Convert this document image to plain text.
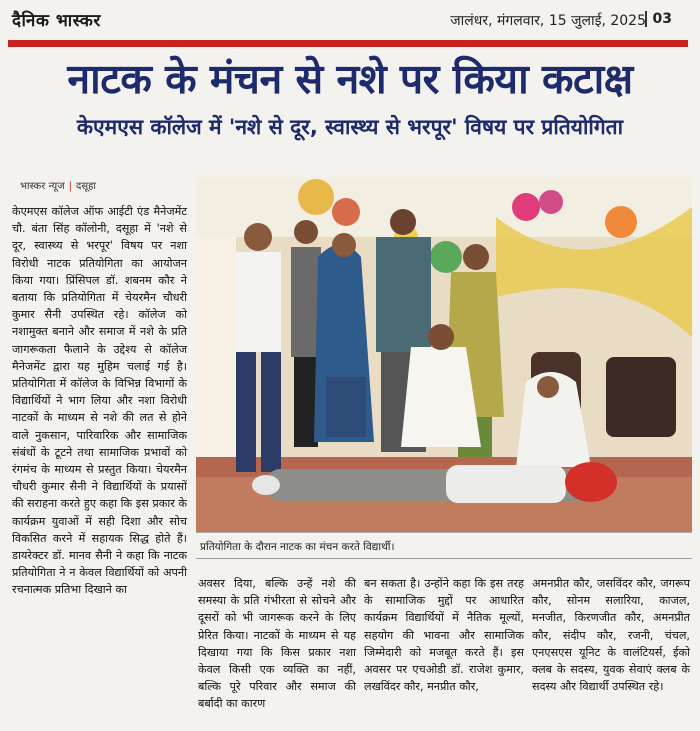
दैनिक भास्कर	जालंधर, मंगलवार, 15 जुलाई, 2025 03
नाटक के मंचन से नशे पर किया कटाक्ष
केएमएस कॉलेज में 'नशे से दूर, स्वास्थ्य से भरपूर' विषय पर प्रतियोगिता
भास्कर न्यूज | दसूहा
केएमएस कॉलेज ऑफ आईटी एंड मैनेजमेंट चौ. बंता सिंह कॉलोनी, दसूहा में 'नशे से दूर, स्वास्थ्य से भरपूर' विषय पर नशा विरोधी नाटक प्रतियोगिता का आयोजन किया गया। प्रिंसिपल डॉ. शबनम कौर ने बताया कि प्रतियोगिता में चेयरमैन चौधरी कुमार सैनी उपस्थित रहे। कॉलेज को नशामुक्त बनाने और समाज में नशे के प्रति जागरूकता फैलाने के उद्देश्य से कॉलेज मैनेजमेंट द्वारा यह मुहिम चलाई गई है। प्रतियोगिता में कॉलेज के विभिन्न विभागों के विद्यार्थियों ने भाग लिया और नशा विरोधी नाटकों के माध्यम से नशे की लत से होने वाले नुकसान, पारिवारिक और सामाजिक संबंधों के टूटने तथा सामाजिक प्रभावों को रंगमंच के माध्यम से प्रस्तुत किया। चेयरमैन चौधरी कुमार सैनी ने विद्यार्थियों के प्रयासों की सराहना करते हुए कहा कि इस प्रकार के कार्यक्रम युवाओं में सही दिशा और सोच विकसित करने में सहायक सिद्ध होते हैं। डायरेक्टर डॉ. मानव सैनी ने कहा कि नाटक प्रतियोगिता ने न केवल विद्यार्थियों को अपनी रचनात्मक प्रतिभा दिखाने का
प्रतियोगिता के दौरान नाटक का मंचन करते विद्यार्थी।
अवसर दिया, बल्कि उन्हें नशे की समस्या के प्रति गंभीरता से सोचने और दूसरों को भी जागरूक करने के लिए प्रेरित किया। नाटकों के माध्यम से यह दिखाया गया कि किस प्रकार नशा केवल किसी एक व्यक्ति का नहीं, बल्कि पूरे परिवार और समाज की बर्बादी का कारण
बन सकता है। उन्होंने कहा कि इस तरह के सामाजिक मुद्दों पर आधारित कार्यक्रम विद्यार्थियों में नैतिक मूल्यों, सहयोग की भावना और सामाजिक जिम्मेदारी को मजबूत करते हैं। इस अवसर पर एचओडी डॉ. राजेश कुमार, लखविंदर कौर, मनप्रीत कौर,
अमनप्रीत कौर, जसविंदर कौर, जगरूप कौर, सोनम सलारिया, काजल, मनजीत, किरणजीत कौर, अमनप्रीत कौर, संदीप कौर, रजनी, चंचल, एनएसएस यूनिट के वालंटियर्स, ईको क्लब के सदस्य, युवक सेवाएं क्लब के सदस्य और विद्यार्थी उपस्थित रहे।
